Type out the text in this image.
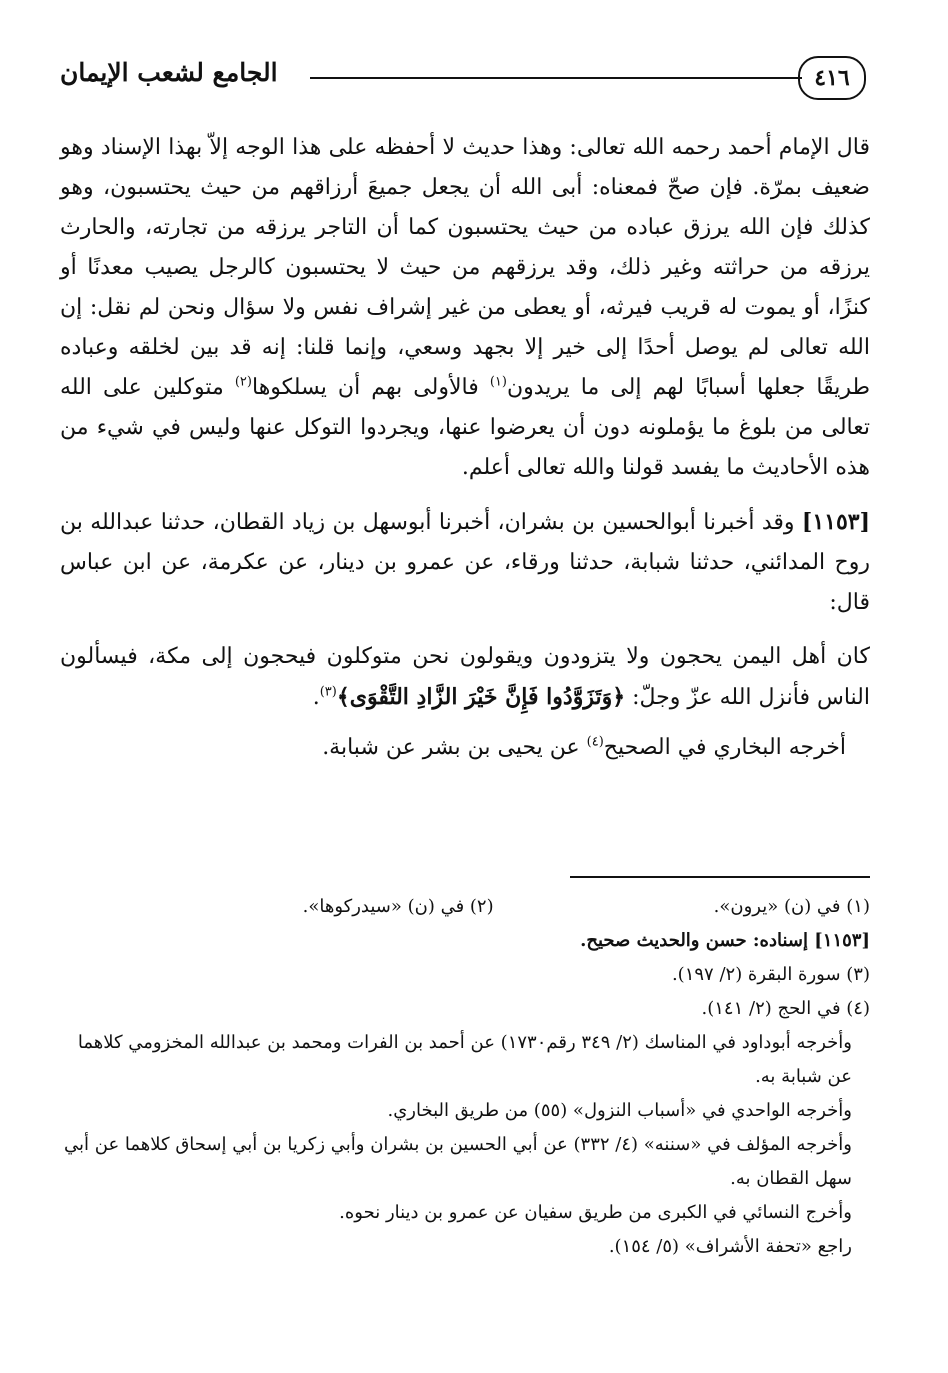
٤١٦
الجامع لشعب الإيمان

قال الإمام أحمد رحمه الله تعالى: وهذا حديث لا أحفظه على هذا الوجه إلاّ بهذا الإسناد وهو ضعيف بمرّة. فإن صحّ فمعناه: أبى الله أن يجعل جميعَ أرزاقهم من حيث يحتسبون، وهو كذلك فإن الله يرزق عباده من حيث يحتسبون كما أن التاجر يرزقه من تجارته، والحارث يرزقه من حراثته وغير ذلك، وقد يرزقهم من حيث لا يحتسبون كالرجل يصيب معدنًا أو كنزًا، أو يموت له قريب فيرثه، أو يعطى من غير إشراف نفس ولا سؤال ونحن لم نقل: إن الله تعالى لم يوصل أحدًا إلى خير إلا بجهد وسعي، وإنما قلنا: إنه قد بين لخلقه وعباده طريقًا جعلها أسبابًا لهم إلى ما يريدون$^{(١)}$ فالأولى بهم أن يسلكوها$^{(٢)}$ متوكلين على الله تعالى من بلوغ ما يؤملونه دون أن يعرضوا عنها، ويجردوا التوكل عنها وليس في شيء من هذه الأحاديث ما يفسد قولنا والله تعالى أعلم.

[١١٥٣] وقد أخبرنا أبوالحسين بن بشران، أخبرنا أبوسهل بن زياد القطان، حدثنا عبدالله بن روح المدائني، حدثنا شبابة، حدثنا ورقاء، عن عمرو بن دينار، عن عكرمة، عن ابن عباس قال:

كان أهل اليمن يحجون ولا يتزودون ويقولون نحن متوكلون فيحجون إلى مكة، فيسألون الناس فأنزل الله عزّ وجلّ: ﴿وَتَزَوَّدُوا فَإِنَّ خَيْرَ الزَّادِ التَّقْوَى﴾$^{(٣)}$.

أخرجه البخاري في الصحيح$^{(٤)}$ عن يحيى بن بشر عن شبابة.

(١) في (ن) «يرون».
(٢) في (ن) «سيدركوها».

[١١٥٣] إسناده: حسن والحديث صحيح.

(٣) سورة البقرة (٢/ ١٩٧).

(٤) في الحج (٢/ ١٤١).

وأخرجه أبوداود في المناسك (٢/ ٣٤٩ رقم١٧٣٠) عن أحمد بن الفرات ومحمد بن عبدالله المخزومي كلاهما عن شبابة به.

وأخرجه الواحدي في «أسباب النزول» (٥٥) من طريق البخاري.

وأخرجه المؤلف في «سننه» (٤/ ٣٣٢) عن أبي الحسين بن بشران وأبي زكريا بن أبي إسحاق كلاهما عن أبي سهل القطان به.

وأخرج النسائي في الكبرى من طريق سفيان عن عمرو بن دينار نحوه.

راجع «تحفة الأشراف» (٥/ ١٥٤).
